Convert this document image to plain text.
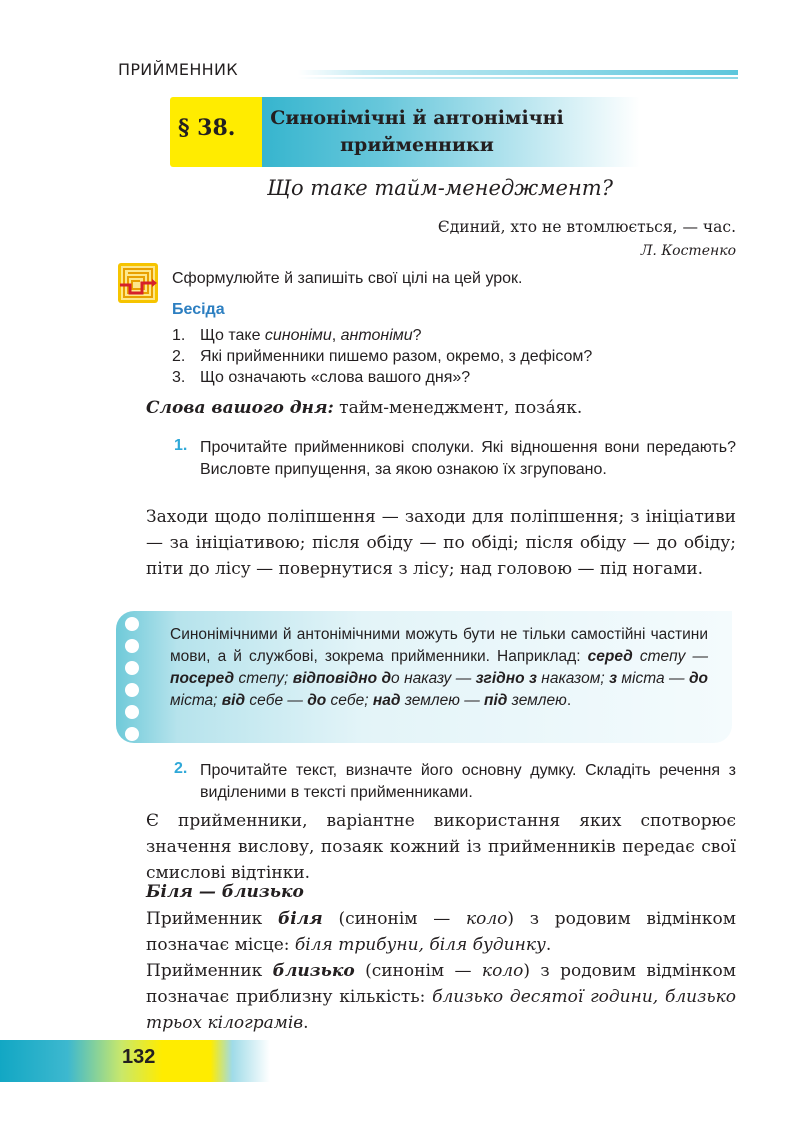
ПРИЙМЕННИК
§ 38.	Синонімічні й антонімічні
прийменники
Що таке тайм-менеджмент?
Єдиний, хто не втомлюється, — час.
Л. Костенко
Сформулюйте й запишіть свої цілі на цей урок.
Бесіда
1. Що таке синоніми, антоніми?
2. Які прийменники пишемо разом, окремо, з дефісом?
3. Що означають «слова вашого дня»?
Слова вашого дня: тайм-менеджмент, поза́як.
1. Прочитайте прийменникові сполуки. Які відношення вони передають? Висловте припущення, за якою ознакою їх згруповано.
Заходи щодо поліпшення — заходи для поліпшення; з ініціативи — за ініціативою; після обіду — по обіді; після обіду — до обіду; піти до лісу — повернутися з лісу; над головою — під ногами.
Синонімічними й антонімічними можуть бути не тільки самостійні частини мови, а й службові, зокрема прийменники. Наприклад: серед степу — посеред степу; відповідно до наказу — згідно з наказом; з міста — до міста; від себе — до себе; над землею — під землею.
2. Прочитайте текст, визначте його основну думку. Складіть речення з виділеними в тексті прийменниками.
Є прийменники, варіантне використання яких спотворює значення вислову, позаяк кожний із прийменників передає свої смислові відтінки.
Біля — близько
Прийменник біля (синонім — коло) з родовим відмінком позначає місце: біля трибуни, біля будинку.
Прийменник близько (синонім — коло) з родовим відмінком позначає приблизну кількість: близько десятої години, близько трьох кілограмів.
132
